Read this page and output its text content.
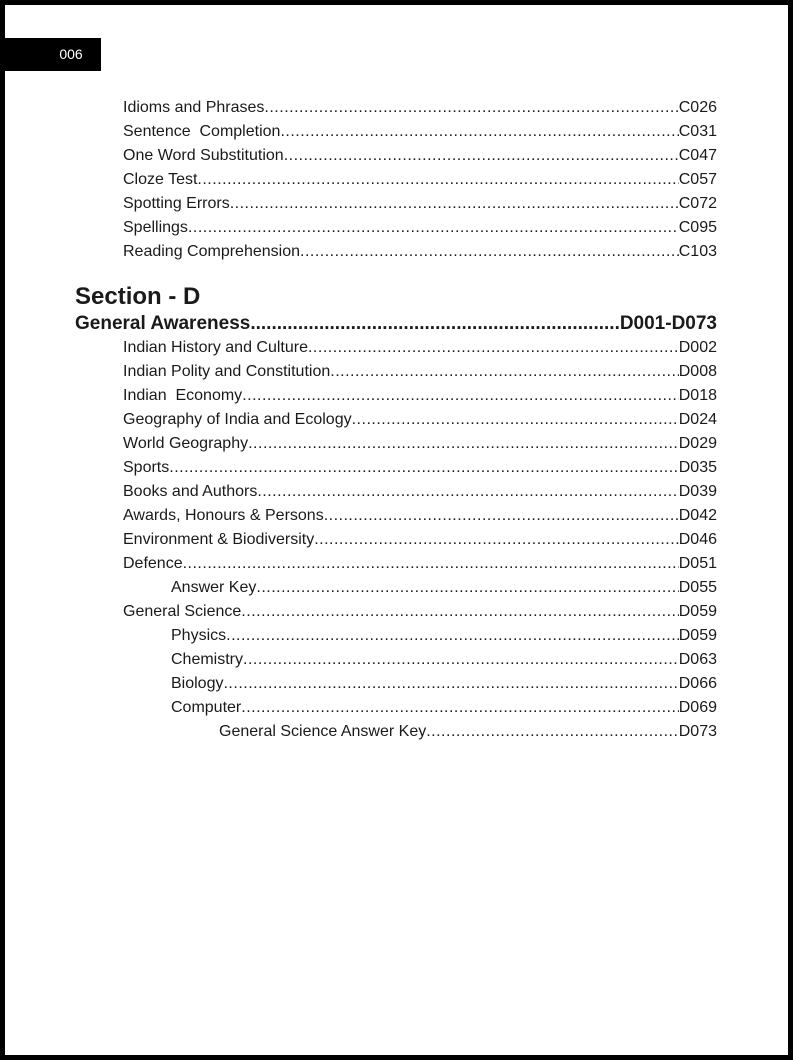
006
Idioms and Phrases .....	C026
Sentence  Completion .....	C031
One Word Substitution .....	C047
Cloze Test .....	C057
Spotting Errors .....	C072
Spellings .....	C095
Reading Comprehension .....	C103
Section - D
General Awareness .....	D001-D073
Indian History and Culture .....	D002
Indian Polity and Constitution .....	D008
Indian  Economy .....	D018
Geography of India and Ecology .....	D024
World Geography .....	D029
Sports .....	D035
Books and Authors .....	D039
Awards, Honours & Persons .....	D042
Environment & Biodiversity .....	D046
Defence .....	D051
Answer Key .....	D055
General Science .....	D059
Physics .....	D059
Chemistry .....	D063
Biology .....	D066
Computer .....	D069
General Science Answer Key .....	D073
